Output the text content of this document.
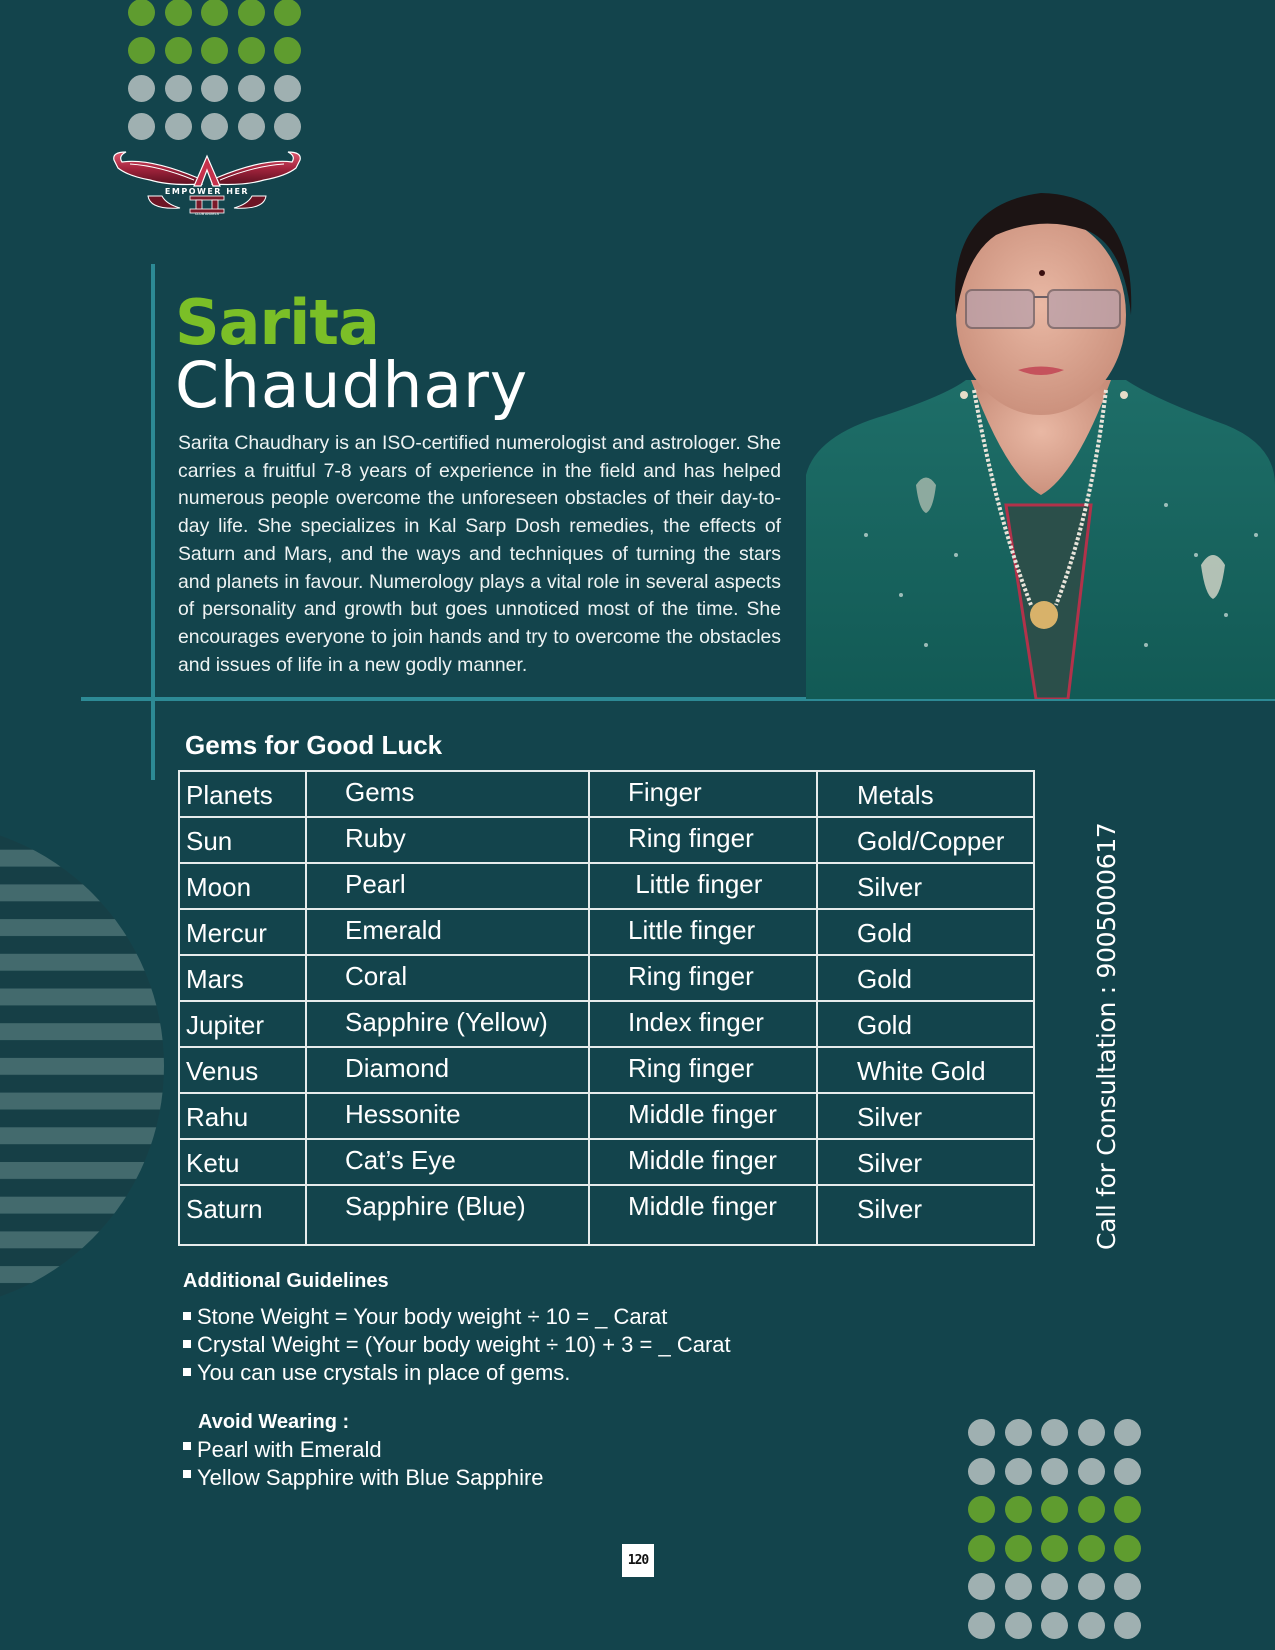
EMPOWER HER
CLUB ANGELS
Sarita
Chaudhary

Sarita Chaudhary is an ISO-certified numerologist and astrologer. She carries a fruitful 7-8 years of experience in the field and has helped numerous people overcome the unforeseen obstacles of their day-to-day life. She specializes in Kal Sarp Dosh remedies, the effects of Saturn and Mars, and the ways and techniques of turning the stars and planets in favour. Numerology plays a vital role in several aspects of personality and growth but goes unnoticed most of the time. She encourages everyone to join hands and try to overcome the obstacles and issues of life in a new godly manner.

Gems for Good Luck
Planets	Gems	Finger	Metals
Sun	Ruby	Ring finger	Gold/Copper
Moon	Pearl	Little finger	Silver
Mercur	Emerald	Little finger	Gold
Mars	Coral	Ring finger	Gold
Jupiter	Sapphire (Yellow)	Index finger	Gold
Venus	Diamond	Ring finger	White Gold
Rahu	Hessonite	Middle finger	Silver
Ketu	Cat’s Eye	Middle finger	Silver
Saturn	Sapphire (Blue)	Middle finger	Silver	Call for Consultation : 9005000617
Additional Guidelines
Stone Weight = Your body weight ÷ 10 = _ Carat
Crystal Weight = (Your body weight ÷ 10) + 3 = _ Carat
You can use crystals in place of gems.
Avoid Wearing :
Pearl with Emerald
Yellow Sapphire with Blue Sapphire
120
